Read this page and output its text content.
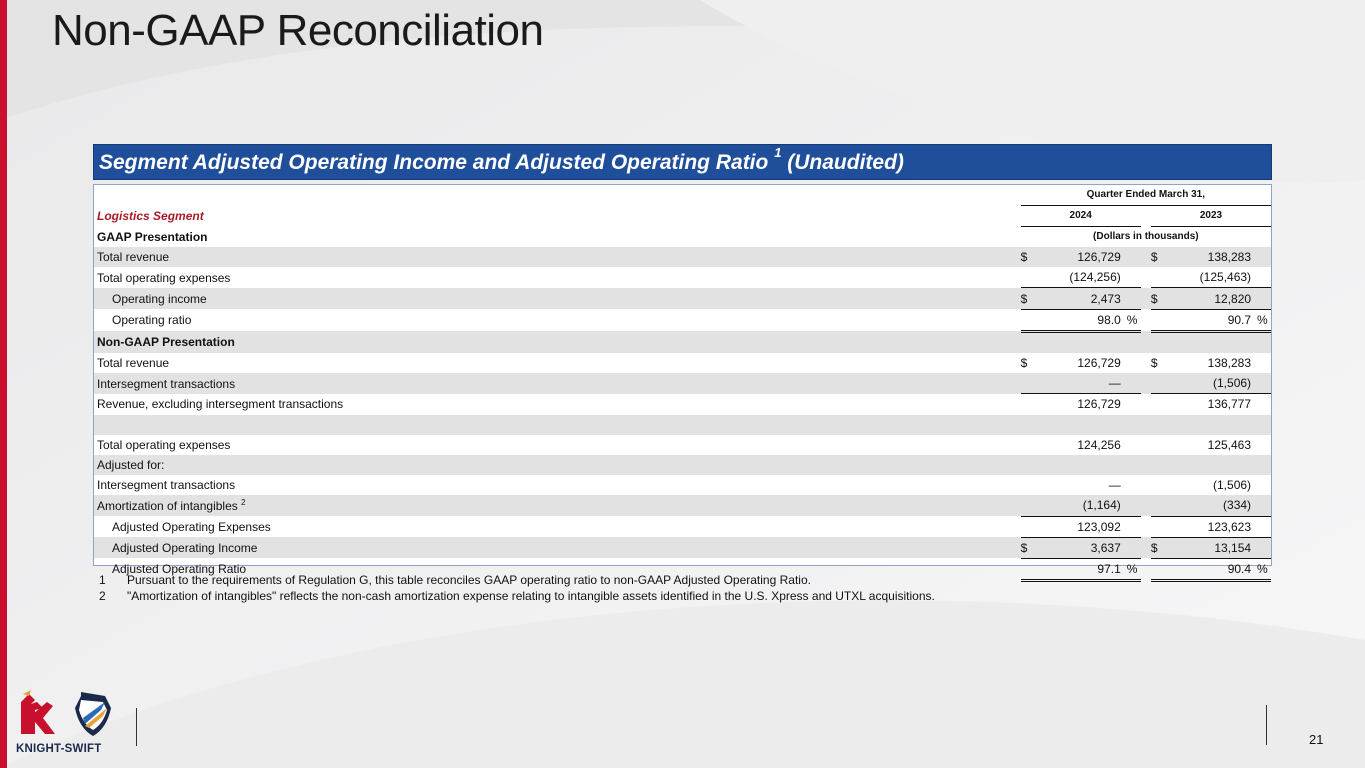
Non-GAAP Reconciliation
Segment Adjusted Operating Income and Adjusted Operating Ratio $^1$ (Unaudited)
	Quarter Ended March 31,						
Logistics Segment	2024				2023		
GAAP Presentation	(Dollars in thousands)						
Total revenue	$	126,729			$	138,283	
Total operating expenses		(124,256)				(125,463)	
Operating income	$	2,473			$	12,820	
Operating ratio		98.0	%			90.7	%
Non-GAAP Presentation							
Total revenue	$	126,729			$	138,283	
Intersegment transactions		—				(1,506)	
Revenue, excluding intersegment transactions		126,729				136,777	

Total operating expenses		124,256				125,463	
Adjusted for:							
Intersegment transactions		—				(1,506)	
Amortization of intangibles $^2$		(1,164)				(334)	
Adjusted Operating Expenses		123,092				123,623	
Adjusted Operating Income	$	3,637			$	13,154	
Adjusted Operating Ratio		97.1	%			90.4	%
1	Pursuant to the requirements of Regulation G, this table reconciles GAAP operating ratio to non-GAAP Adjusted Operating Ratio.
2	"Amortization of intangibles" reflects the non-cash amortization expense relating to intangible assets identified in the U.S. Xpress and UTXL acquisitions.
KNIGHT-SWIFT
21
